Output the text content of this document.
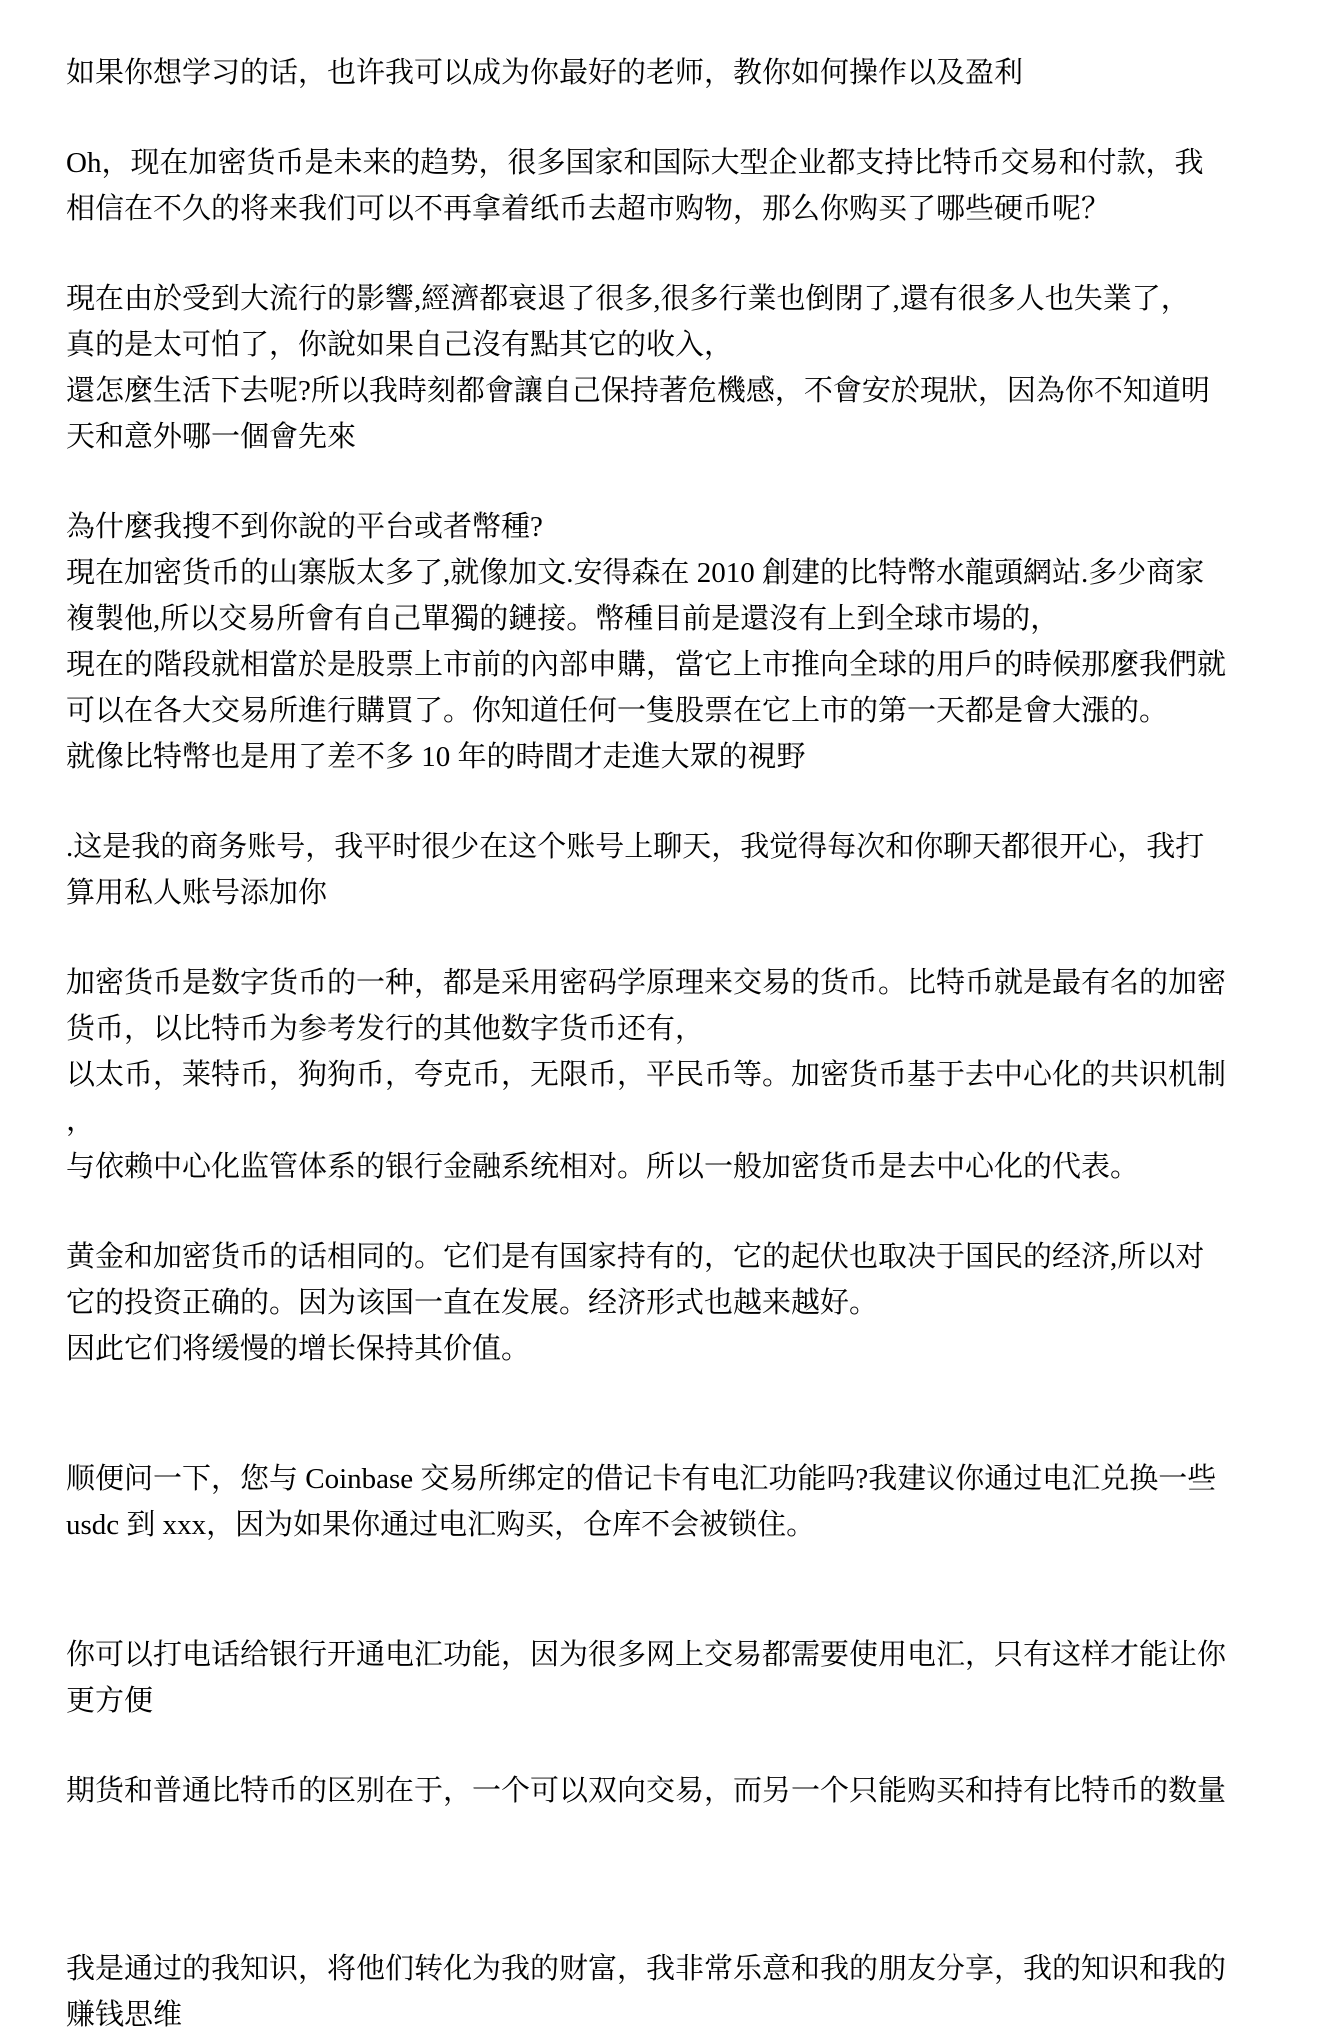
如果你想学习的话，也许我可以成为你最好的老师，教你如何操作以及盈利
Oh，现在加密货币是未来的趋势，很多国家和国际大型企业都支持比特币交易和付款，我
相信在不久的将来我们可以不再拿着纸币去超市购物，那么你购买了哪些硬币呢？
現在由於受到大流行的影響,經濟都衰退了很多,很多行業也倒閉了,還有很多人也失業了，
真的是太可怕了，你說如果自己沒有點其它的收入，
還怎麼生活下去呢?所以我時刻都會讓自己保持著危機感，不會安於現狀，因為你不知道明
天和意外哪一個會先來
為什麼我搜不到你說的平台或者幣種?
現在加密货币的山寨版太多了,就像加文.安得森在 2010 創建的比特幣水龍頭網站.多少商家
複製他,所以交易所會有自己單獨的鏈接。幣種目前是還沒有上到全球市場的，
現在的階段就相當於是股票上市前的內部申購，當它上市推向全球的用戶的時候那麼我們就
可以在各大交易所進行購買了。你知道任何一隻股票在它上市的第一天都是會大漲的。
就像比特幣也是用了差不多 10 年的時間才走進大眾的視野
.这是我的商务账号，我平时很少在这个账号上聊天，我觉得每次和你聊天都很开心，我打
算用私人账号添加你
加密货币是数字货币的一种，都是采用密码学原理来交易的货币。比特币就是最有名的加密
货币，以比特币为参考发行的其他数字货币还有，
以太币，莱特币，狗狗币，夸克币，无限币，平民币等。加密货币基于去中心化的共识机制 ，
与依赖中心化监管体系的银行金融系统相对。所以一般加密货币是去中心化的代表。
黄金和加密货币的话相同的。它们是有国家持有的，它的起伏也取决于国民的经济,所以对
它的投资正确的。因为该国一直在发展。经济形式也越来越好。
因此它们将缓慢的增长保持其价值。
顺便问一下，您与 Coinbase 交易所绑定的借记卡有电汇功能吗?我建议你通过电汇兑换一些
usdc 到 xxx，因为如果你通过电汇购买，仓库不会被锁住。
你可以打电话给银行开通电汇功能，因为很多网上交易都需要使用电汇，只有这样才能让你
更方便
期货和普通比特币的区别在于，一个可以双向交易，而另一个只能购买和持有比特币的数量
我是通过的我知识，将他们转化为我的财富，我非常乐意和我的朋友分享，我的知识和我的
赚钱思维
